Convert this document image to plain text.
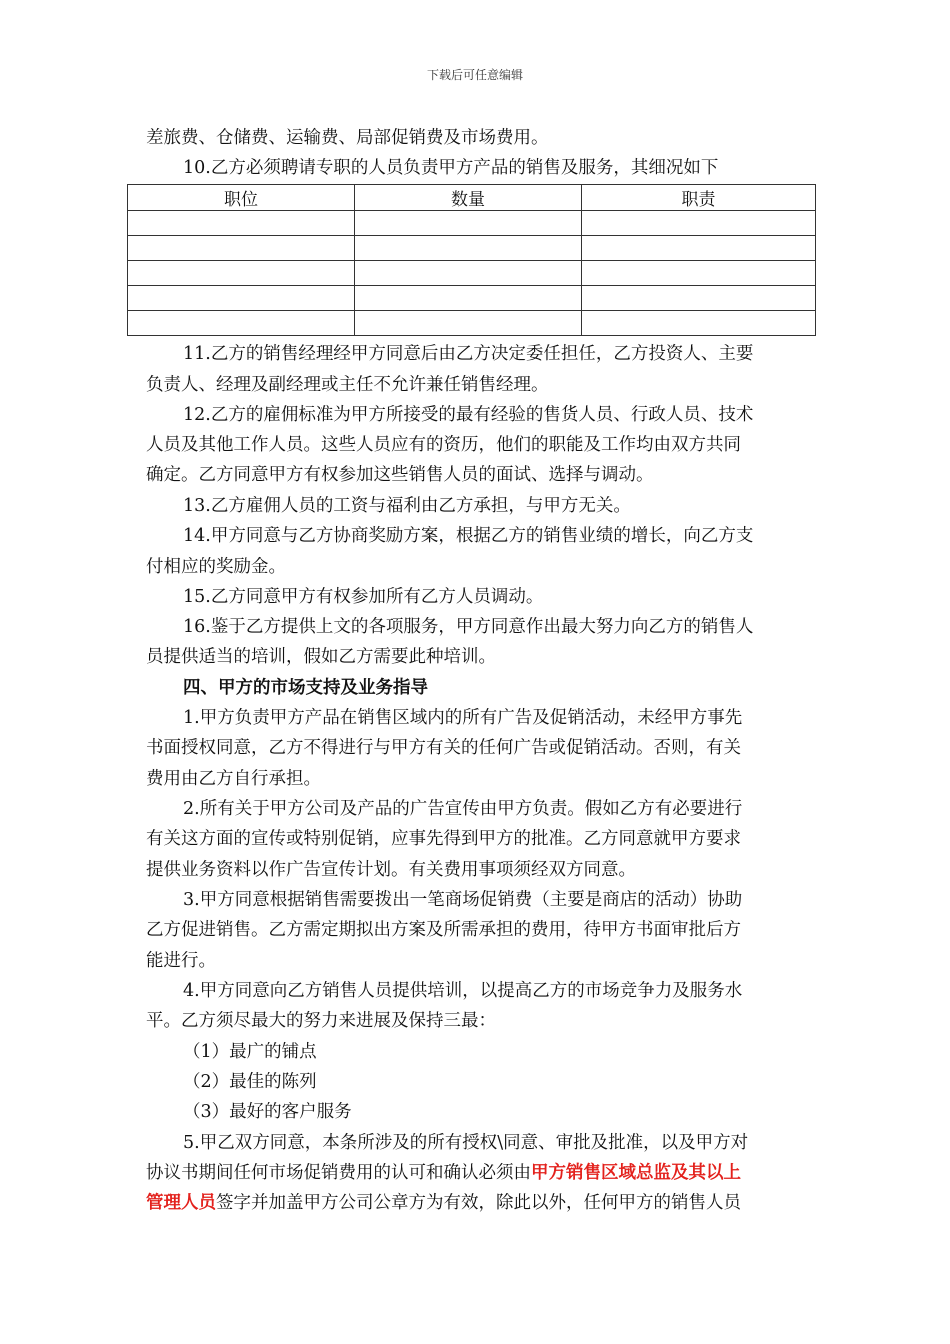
下载后可任意编辑
差旅费、仓储费、运输费、局部促销费及市场费用。
10.乙方必须聘请专职的人员负责甲方产品的销售及服务，其细况如下
职位	数量	职责

11.乙方的销售经理经甲方同意后由乙方决定委任担任，乙方投资人、主要
负责人、经理及副经理或主任不允许兼任销售经理。
12.乙方的雇佣标准为甲方所接受的最有经验的售货人员、行政人员、技术
人员及其他工作人员。这些人员应有的资历，他们的职能及工作均由双方共同
确定。乙方同意甲方有权参加这些销售人员的面试、选择与调动。
13.乙方雇佣人员的工资与福利由乙方承担，与甲方无关。
14.甲方同意与乙方协商奖励方案，根据乙方的销售业绩的增长，向乙方支
付相应的奖励金。
15.乙方同意甲方有权参加所有乙方人员调动。
16.鉴于乙方提供上文的各项服务，甲方同意作出最大努力向乙方的销售人
员提供适当的培训，假如乙方需要此种培训。
四、甲方的市场支持及业务指导
1.甲方负责甲方产品在销售区域内的所有广告及促销活动，未经甲方事先
书面授权同意，乙方不得进行与甲方有关的任何广告或促销活动。否则，有关
费用由乙方自行承担。
2.所有关于甲方公司及产品的广告宣传由甲方负责。假如乙方有必要进行
有关这方面的宣传或特别促销，应事先得到甲方的批准。乙方同意就甲方要求
提供业务资料以作广告宣传计划。有关费用事项须经双方同意。
3.甲方同意根据销售需要拨出一笔商场促销费（主要是商店的活动）协助
乙方促进销售。乙方需定期拟出方案及所需承担的费用，待甲方书面审批后方
能进行。
4.甲方同意向乙方销售人员提供培训，以提高乙方的市场竞争力及服务水
平。乙方须尽最大的努力来进展及保持三最：
（1）最广的铺点
（2）最佳的陈列
（3）最好的客户服务
5.甲乙双方同意，本条所涉及的所有授权\同意、审批及批准，以及甲方对
协议书期间任何市场促销费用的认可和确认必须由甲方销售区域总监及其以上
管理人员签字并加盖甲方公司公章方为有效，除此以外，任何甲方的销售人员
